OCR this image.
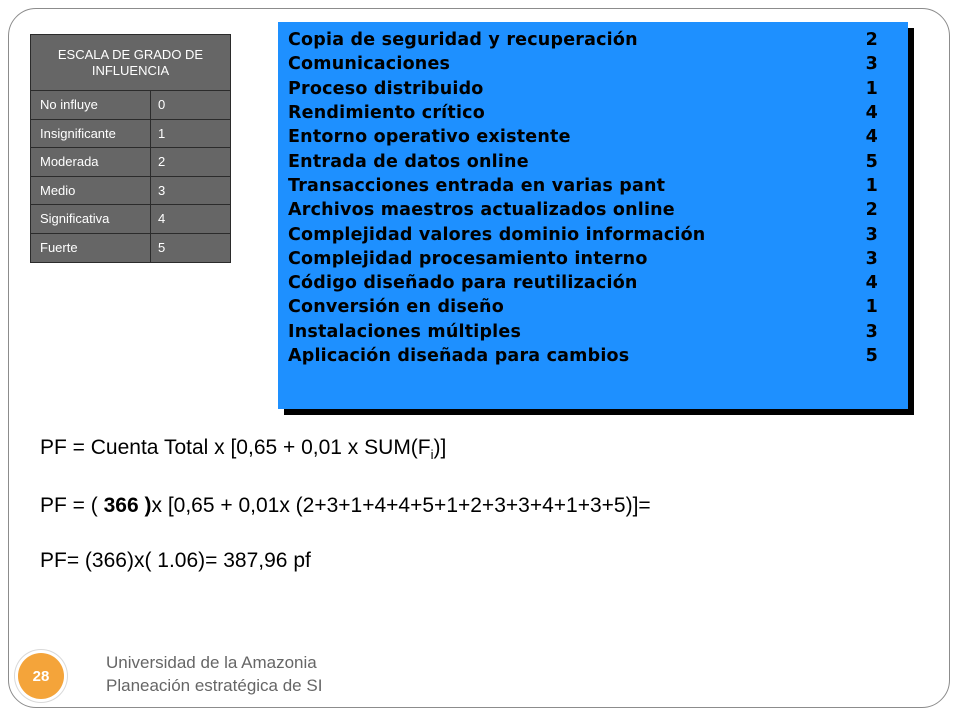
ESCALA DE GRADO DE INFLUENCIA
No influye	0
Insignificante	1
Moderada	2
Medio	3
Significativa	4
Fuerte	5
Copia de seguridad y recuperación	2
Comunicaciones	3
Proceso distribuido	1
Rendimiento crítico	4
Entorno operativo existente	4
Entrada de datos online	5
Transacciones entrada en varias pant	1
Archivos maestros actualizados online	2
Complejidad valores dominio información	3
Complejidad procesamiento interno	3
Código diseñado para reutilización	4
Conversión en diseño	1
Instalaciones múltiples	3
Aplicación diseñada para cambios	5
PF = Cuenta Total x [0,65 + 0,01 x $SUM(F_i)$]
PF = ( 366 )x [0,65 + 0,01x (2+3+1+4+4+5+1+2+3+3+4+1+3+5)]=
PF= (366)x( 1.06)= 387,96 pf
28
Universidad de la Amazonia
Planeación estratégica de SI
